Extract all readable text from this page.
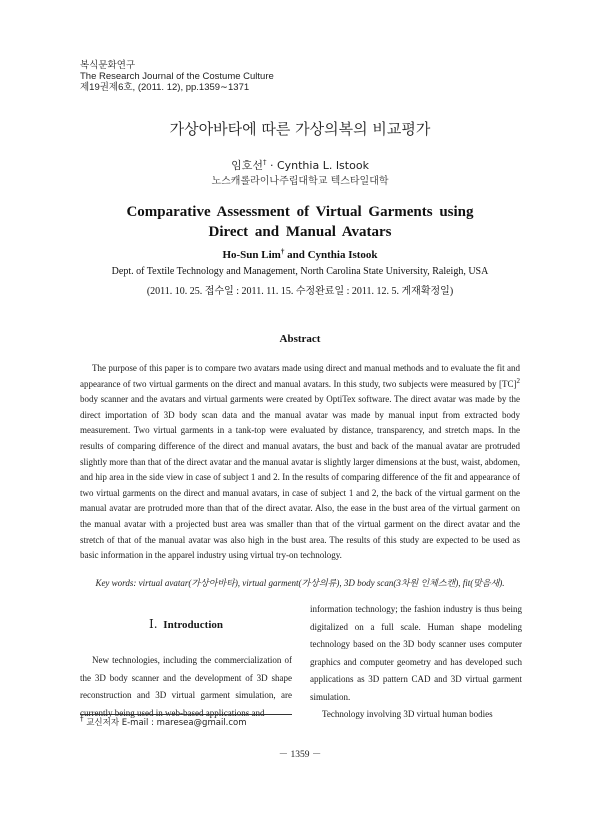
복식문화연구
The Research Journal of the Costume Culture
제19권제6호, (2011. 12), pp.1359∼1371
가상아바타에 따른 가상의복의 비교평가
임호선† · Cynthia L. Istook
노스캐롤라이나주립대학교 텍스타일대학
Comparative Assessment of Virtual Garments using
Direct and Manual Avatars
Ho-Sun Lim† and Cynthia Istook
Dept. of Textile Technology and Management, North Carolina State University, Raleigh, USA
(2011. 10. 25. 접수일 : 2011. 11. 15. 수정완료일 : 2011. 12. 5. 게재확정일)
Abstract

The purpose of this paper is to compare two avatars made using direct and manual methods and to evaluate the fit and appearance of two virtual garments on the direct and manual avatars. In this study, two subjects were measured by [TC]$^2$ body scanner and the avatars and virtual garments were created by OptiTex software. The direct avatar was made by the direct importation of 3D body scan data and the manual avatar was made by manual input from extracted body measurement. Two virtual garments in a tank-top were evaluated by distance, transparency, and stretch maps. In the results of comparing difference of the direct and manual avatars, the bust and back of the manual avatar are protruded slightly more than that of the direct avatar and the manual avatar is slightly larger dimensions at the bust, waist, abdomen, and hip area in the side view in case of subject 1 and 2. In the results of comparing difference of the fit and appearance of two virtual garments on the direct and manual avatars, in case of subject 1 and 2, the back of the virtual garment on the manual avatar are protruded more than that of the direct avatar. Also, the ease in the bust area of the virtual garment on the manual avatar with a projected bust area was smaller than that of the virtual garment on the direct avatar and the stretch of that of the manual avatar was also high in the bust area. The results of this study are expected to be used as basic information in the apparel industry using virtual try-on technology.

Key words: virtual avatar(가상아바타), virtual garment(가상의류), 3D body scan(3차원 인체스캔), fit(맞음새).
Ⅰ. Introduction

New technologies, including the commercialization of the 3D body scanner and the development of 3D shape reconstruction and 3D virtual garment simulation, are currently being used in web-based applications and

information technology; the fashion industry is thus being digitalized on a full scale. Human shape modeling technology based on the 3D body scanner uses computer graphics and computer geometry and has developed such applications as 3D pattern CAD and 3D virtual garment simulation.

Technology involving 3D virtual human bodies

† 교신저자 E-mail : maresea@gmail.com
－ 1359 －
